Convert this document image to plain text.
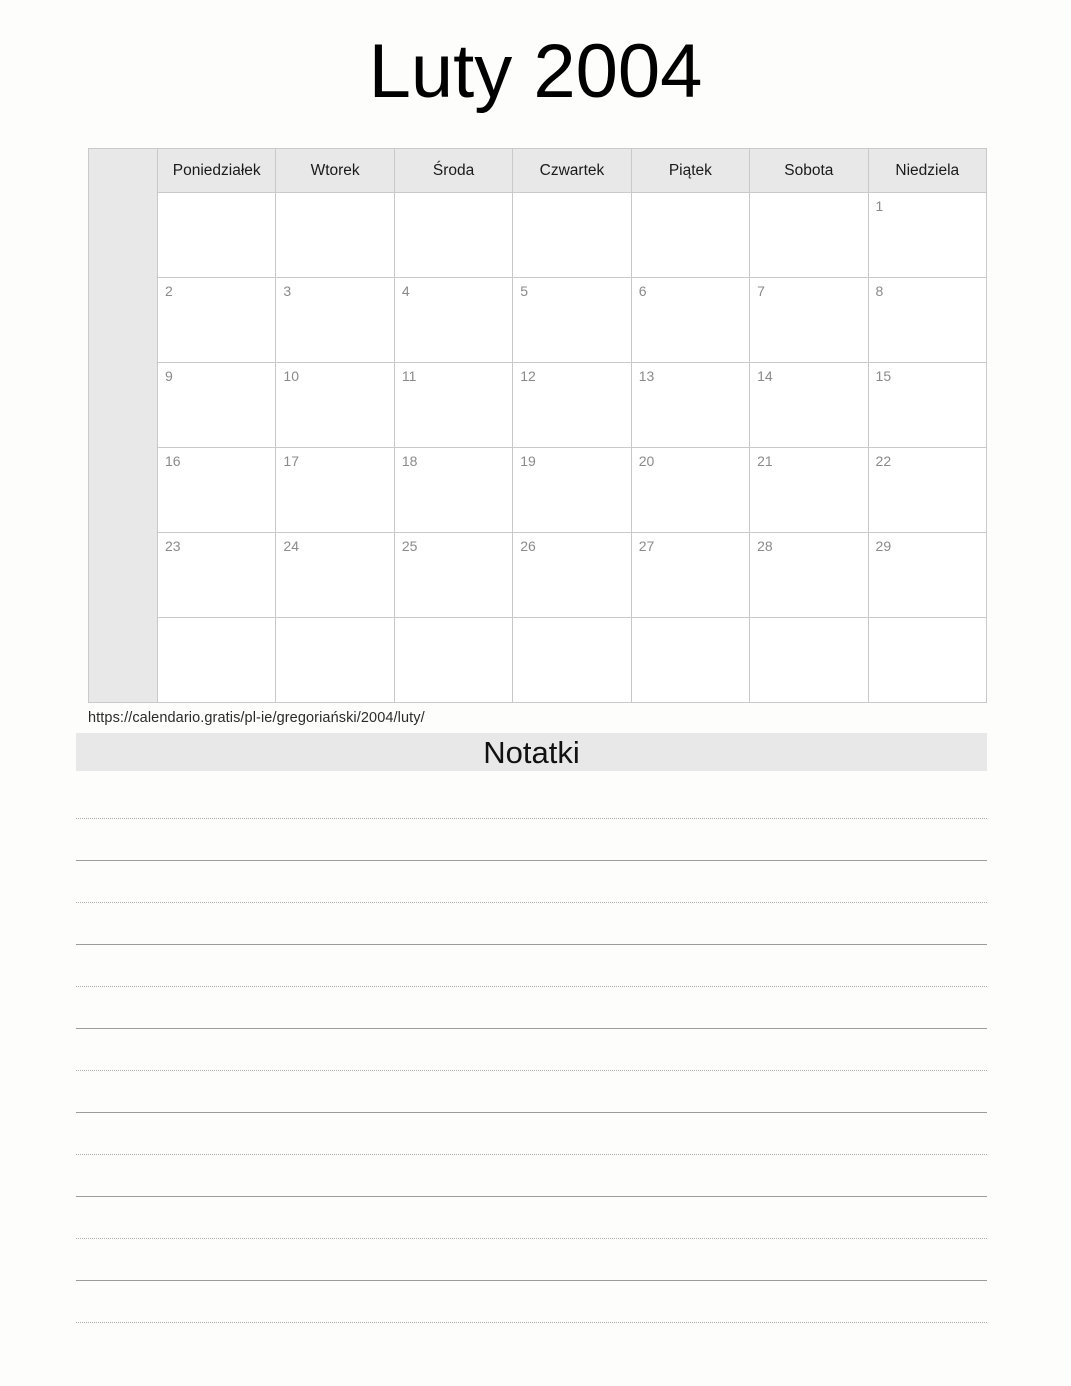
Luty 2004
	Poniedziałek	Wtorek	Środa	Czwartek	Piątek	Sobota	Niedziela

							1

	2	3	4	5	6	7	8

	9	10	11	12	13	14	15

	16	17	18	19	20	21	22

	23	24	25	26	27	28	29

https://calendario.gratis/pl-ie/gregoriański/2004/luty/
Notatki
